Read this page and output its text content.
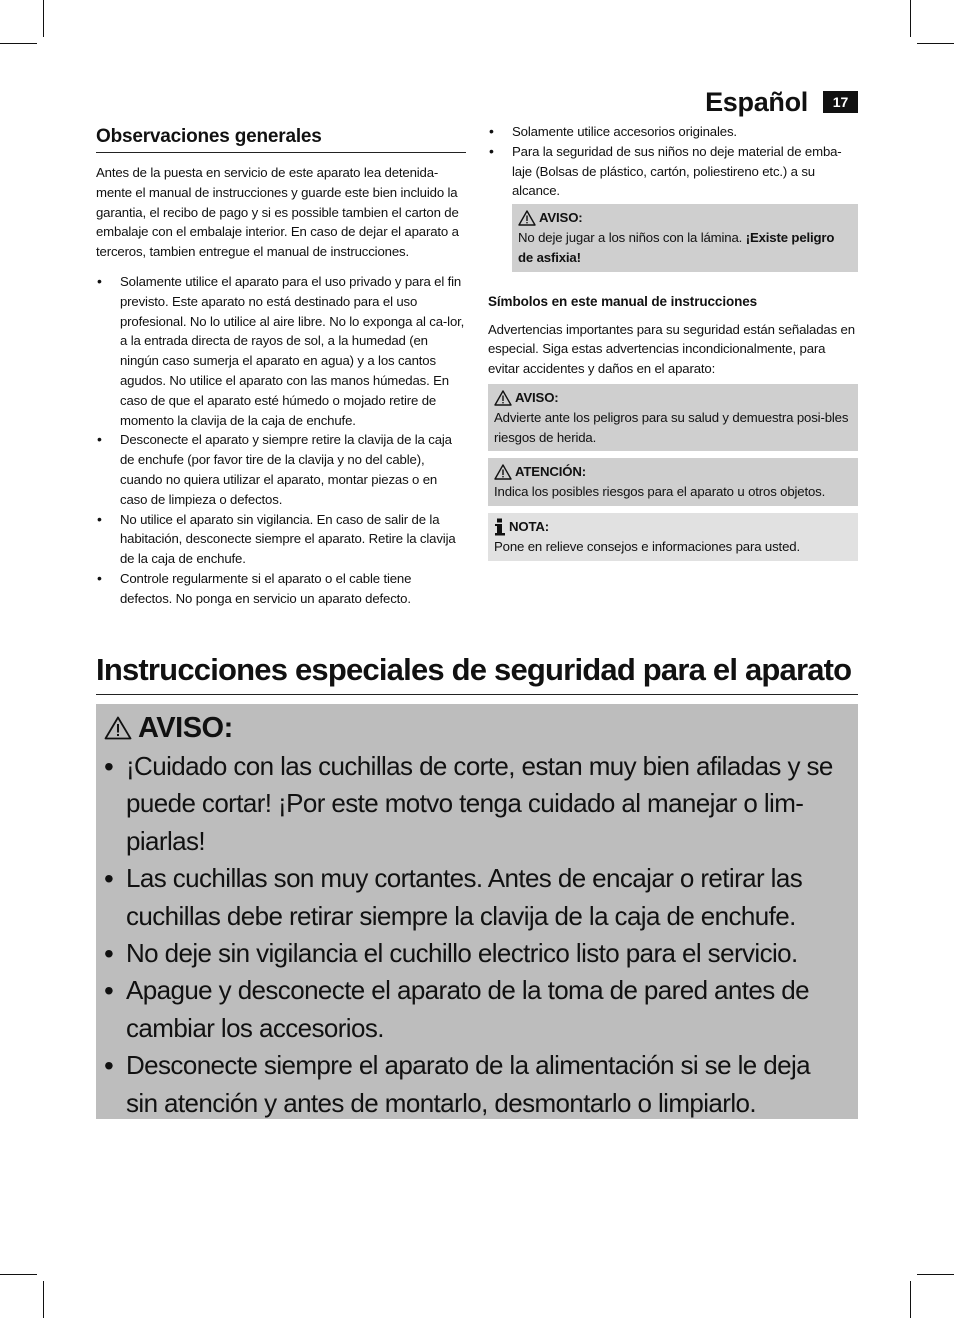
Español	17
Observaciones generales

Antes de la puesta en servicio de este aparato lea detenida-mente el manual de instrucciones y guarde este bien incluido la garantia, el recibo de pago y si es possible tambien el carton de embalaje con el embalaje interior. En caso de dejar el aparato a terceros, tambien entregue el manual de instrucciones.

• Solamente utilice el aparato para el uso privado y para el fin previsto. Este aparato no está destinado para el uso profesional. No lo utilice al aire libre. No lo exponga al ca-lor, a la entrada directa de rayos de sol, a la humedad (en ningún caso sumerja el aparato en agua) y a los cantos agudos. No utilice el aparato con las manos húmedas. En caso de que el aparato esté húmedo o mojado retire de momento la clavija de la caja de enchufe.
• Desconecte el aparato y siempre retire la clavija de la caja de enchufe (por favor tire de la clavija y no del cable), cuando no quiera utilizar el aparato, montar piezas o en caso de limpieza o defectos.
• No utilice el aparato sin vigilancia. En caso de salir de la habitación, desconecte siempre el aparato. Retire la clavija de la caja de enchufe.
• Controle regularmente si el aparato o el cable tiene defectos. No ponga en servicio un aparato defecto.
• Solamente utilice accesorios originales.
• Para la seguridad de sus niños no deje material de emba-laje (Bolsas de plástico, cartón, poliestireno etc.) a su alcance.
AVISO:
No deje jugar a los niños con la lámina. ¡Existe peligro de asfixia!
Símbolos en este manual de instrucciones

Advertencias importantes para su seguridad están señaladas en especial. Siga estas advertencias incondicionalmente, para evitar accidentes y daños en el aparato:

AVISO:
Advierte ante los peligros para su salud y demuestra posi-bles riesgos de herida.
ATENCIÓN:
Indica los posibles riesgos para el aparato u otros objetos.
NOTA:
Pone en relieve consejos e informaciones para usted.
Instrucciones especiales de seguridad para el aparato
AVISO:
• ¡Cuidado con las cuchillas de corte, estan muy bien afiladas y se puede cortar! ¡Por este motvo tenga cuidado al manejar o lim-piarlas!
• Las cuchillas son muy cortantes. Antes de encajar o retirar las cuchillas debe retirar siempre la clavija de la caja de enchufe.
• No deje sin vigilancia el cuchillo electrico listo para el servicio.
• Apague y desconecte el aparato de la toma de pared antes de cambiar los accesorios.
• Desconecte siempre el aparato de la alimentación si se le deja sin atención y antes de montarlo, desmontarlo o limpiarlo.
